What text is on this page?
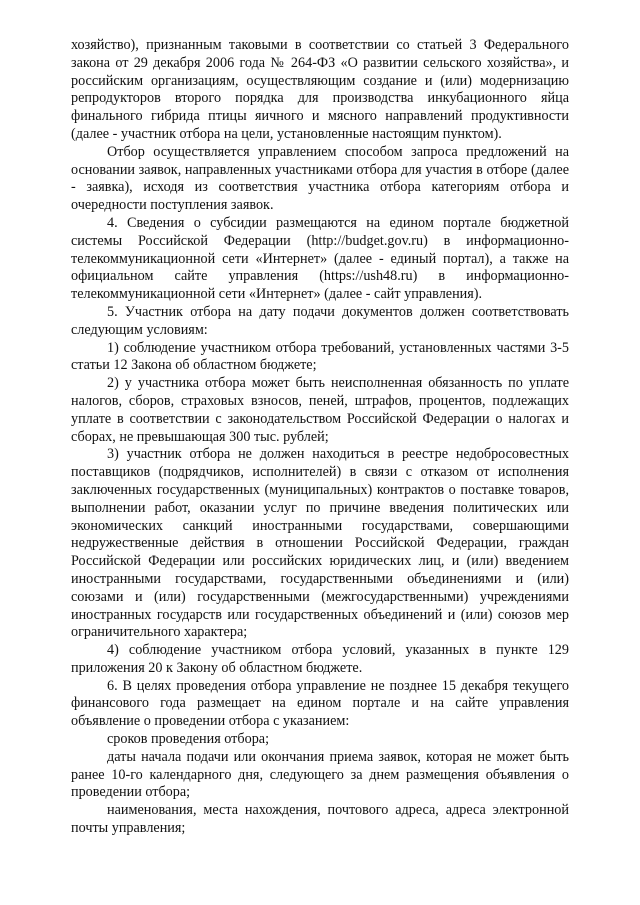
хозяйство), признанным таковыми в соответствии со статьей 3 Федерального закона от 29 декабря 2006 года № 264-ФЗ «О развитии сельского хозяйства», и российским организациям, осуществляющим создание и (или) модернизацию репродукторов второго порядка для производства инкубационного яйца финального гибрида птицы яичного и мясного направлений продуктивности (далее - участник отбора на цели, установленные настоящим пунктом).

Отбор осуществляется управлением способом запроса предложений на основании заявок, направленных участниками отбора для участия в отборе (далее - заявка), исходя из соответствия участника отбора категориям отбора и очередности поступления заявок.

4. Сведения о субсидии размещаются на едином портале бюджетной системы Российской Федерации (http://budget.gov.ru) в информационно-телекоммуникационной сети «Интернет» (далее - единый портал), а также на официальном сайте управления (https://ush48.ru) в информационно-телекоммуникационной сети «Интернет» (далее - сайт управления).

5. Участник отбора на дату подачи документов должен соответствовать следующим условиям:

1) соблюдение участником отбора требований, установленных частями 3-5 статьи 12 Закона об областном бюджете;

2) у участника отбора может быть неисполненная обязанность по уплате налогов, сборов, страховых взносов, пеней, штрафов, процентов, подлежащих уплате в соответствии с законодательством Российской Федерации о налогах и сборах, не превышающая 300 тыс. рублей;

3) участник отбора не должен находиться в реестре недобросовестных поставщиков (подрядчиков, исполнителей) в связи с отказом от исполнения заключенных государственных (муниципальных) контрактов о поставке товаров, выполнении работ, оказании услуг по причине введения политических или экономических санкций иностранными государствами, совершающими недружественные действия в отношении Российской Федерации, граждан Российской Федерации или российских юридических лиц, и (или) введением иностранными государствами, государственными объединениями и (или) союзами и (или) государственными (межгосударственными) учреждениями иностранных государств или государственных объединений и (или) союзов мер ограничительного характера;

4) соблюдение участником отбора условий, указанных в пункте 129 приложения 20 к Закону об областном бюджете.

6. В целях проведения отбора управление не позднее 15 декабря текущего финансового года размещает на едином портале и на сайте управления объявление о проведении отбора с указанием:

сроков проведения отбора;

даты начала подачи или окончания приема заявок, которая не может быть ранее 10-го календарного дня, следующего за днем размещения объявления о проведении отбора;

наименования, места нахождения, почтового адреса, адреса электронной почты управления;
